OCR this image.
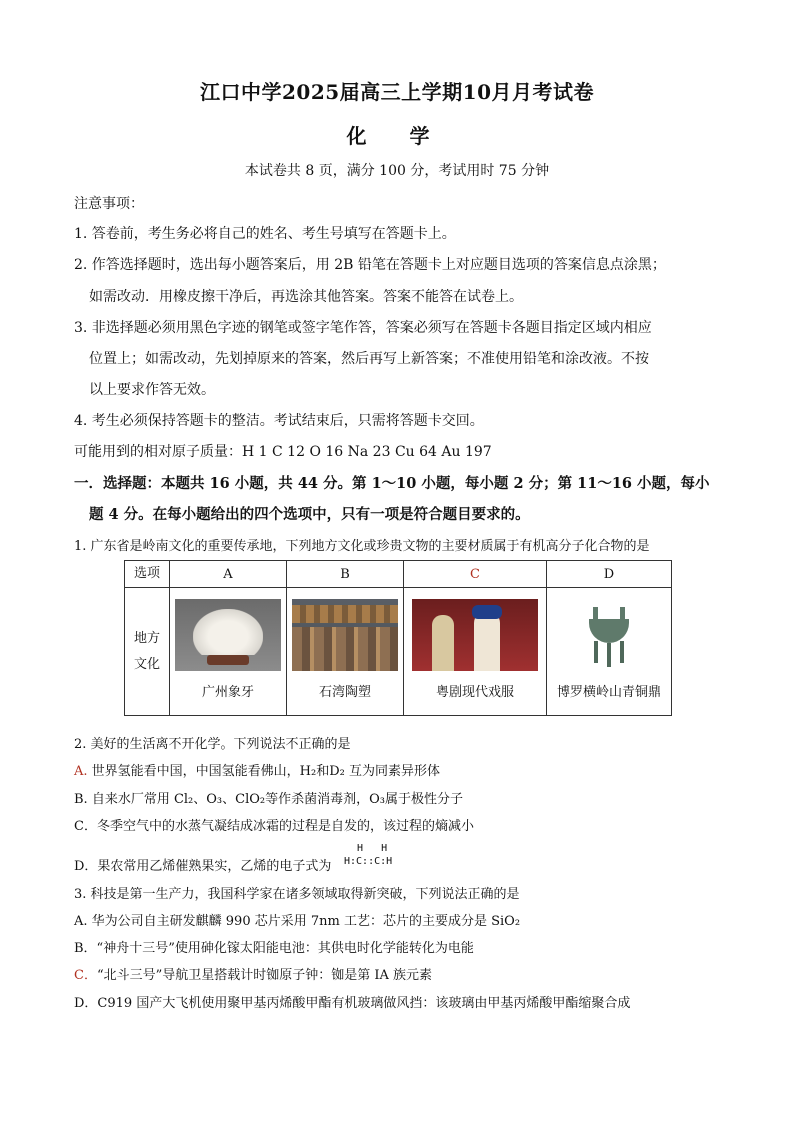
江口中学2025届高三上学期10月月考试卷
化 学
本试卷共 8 页，满分 100 分，考试用时 75 分钟
注意事项：
1. 答卷前，考生务必将自己的姓名、考生号填写在答题卡上。
2. 作答选择题时，选出每小题答案后，用 2B 铅笔在答题卡上对应题目选项的答案信息点涂黑；
如需改动．用橡皮擦干净后，再选涂其他答案。答案不能答在试卷上。
3. 非选择题必须用黑色字迹的钢笔或签字笔作答，答案必须写在答题卡各题目指定区域内相应
位置上；如需改动，先划掉原来的答案，然后再写上新答案；不准使用铅笔和涂改液。不按
以上要求作答无效。
4. 考生必须保持答题卡的整洁。考试结束后，只需将答题卡交回。
可能用到的相对原子质量：H 1 C 12 O 16 Na 23 Cu 64 Au 197
一．选择题：本题共 16 小题，共 44 分。第 1～10 小题，每小题 2 分；第 11～16 小题，每小
题 4 分。在每小题给出的四个选项中，只有一项是符合题目要求的。
1. 广东省是岭南文化的重要传承地，下列地方文化或珍贵文物的主要材质属于有机高分子化合物的是
选项	A	B	C	D

地方文化	广州象牙	石湾陶塑	粤剧现代戏服	博罗横岭山青铜鼎
2. 美好的生活离不开化学。下列说法不正确的是
A. 世界氢能看中国，中国氢能看佛山，H₂和D₂ 互为同素异形体
B. 自来水厂常用 Cl₂、O₃、ClO₂等作杀菌消毒剂，O₃属于极性分子
C．冬季空气中的水蒸气凝结成冰霜的过程是自发的，该过程的熵减小
D．果农常用乙烯催熟果实，乙烯的电子式为
H   H
H:C::C:H
3. 科技是第一生产力，我国科学家在诸多领域取得新突破，下列说法正确的是
A. 华为公司自主研发麒麟 990 芯片采用 7nm 工艺：芯片的主要成分是 SiO₂
B．“神舟十三号”使用砷化镓太阳能电池：其供电时化学能转化为电能
C．“北斗三号”导航卫星搭载计时铷原子钟：铷是第 IA 族元素
D．C919 国产大飞机使用聚甲基丙烯酸甲酯有机玻璃做风挡：该玻璃由甲基丙烯酸甲酯缩聚合成
